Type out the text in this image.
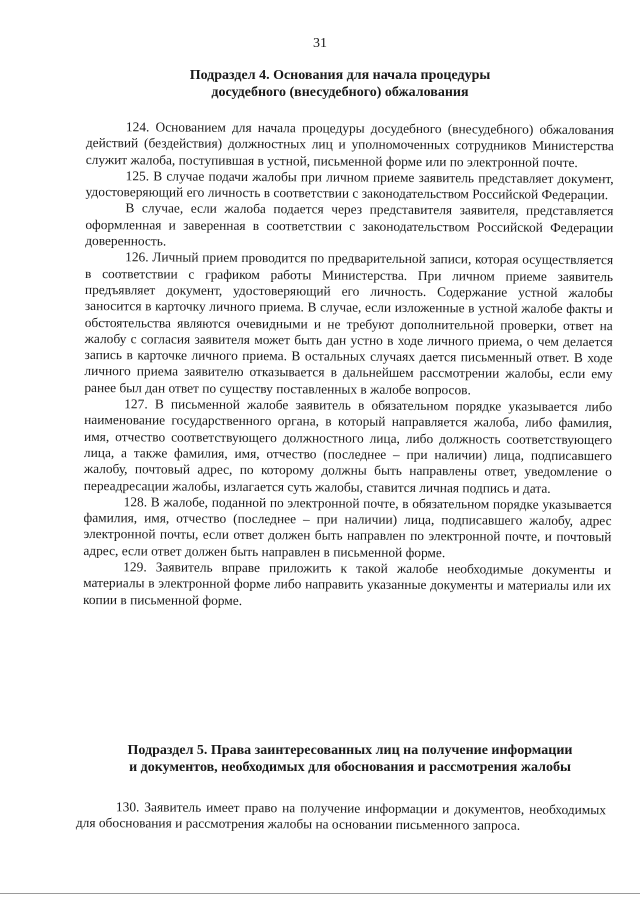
31
Подраздел 4. Основания для начала процедуры
досудебного (внесудебного) обжалования

124. Основанием для начала процедуры досудебного (внесудебного) обжалования действий (бездействия) должностных лиц и уполномоченных сотрудников Министерства служит жалоба, поступившая в устной, письменной форме или по электронной почте.

125. В случае подачи жалобы при личном приеме заявитель представляет документ, удостоверяющий его личность в соответствии с законодательством Российской Федерации.

В случае, если жалоба подается через представителя заявителя, представляется оформленная и заверенная в соответствии с законодательством Российской Федерации доверенность.

126. Личный прием проводится по предварительной записи, которая осуществляется в соответствии с графиком работы Министерства. При личном приеме заявитель предъявляет документ, удостоверяющий его личность. Содержание устной жалобы заносится в карточку личного приема. В случае, если изложенные в устной жалобе факты и обстоятельства являются очевидными и не требуют дополнительной проверки, ответ на жалобу с согласия заявителя может быть дан устно в ходе личного приема, о чем делается запись в карточке личного приема. В остальных случаях дается письменный ответ. В ходе личного приема заявителю отказывается в дальнейшем рассмотрении жалобы, если ему ранее был дан ответ по существу поставленных в жалобе вопросов.

127. В письменной жалобе заявитель в обязательном порядке указывается либо наименование государственного органа, в который направляется жалоба, либо фамилия, имя, отчество соответствующего должностного лица, либо должность соответствующего лица, а также фамилия, имя, отчество (последнее – при наличии) лица, подписавшего жалобу, почтовый адрес, по которому должны быть направлены ответ, уведомление о переадресации жалобы, излагается суть жалобы, ставится личная подпись и дата.

128. В жалобе, поданной по электронной почте, в обязательном порядке указывается фамилия, имя, отчество (последнее – при наличии) лица, подписавшего жалобу, адрес электронной почты, если ответ должен быть направлен по электронной почте, и почтовый адрес, если ответ должен быть направлен в письменной форме.

129. Заявитель вправе приложить к такой жалобе необходимые документы и материалы в электронной форме либо направить указанные документы и материалы или их копии в письменной форме.

Подраздел 5. Права заинтересованных лиц на получение информации
и документов, необходимых для обоснования и рассмотрения жалобы

130. Заявитель имеет право на получение информации и документов, необходимых для обоснования и рассмотрения жалобы на основании письменного запроса.
